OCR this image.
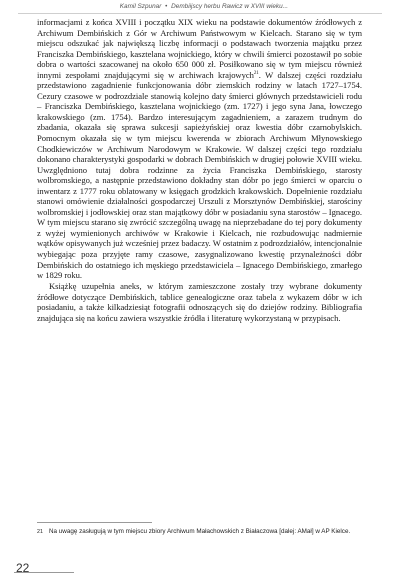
Kamil Szpunar • Dembiijscy herbu Rawicz w XVIII wieku...

informacjami z końca XVIII i początku XIX wieku na podstawie dokumentów źródłowych z Archiwum Dembińskich z Gór w Archiwum Państwowym w Kielcach. Starano się w tym miejscu odszukać jak największą liczbę informacji o podstawach tworzenia majątku przez Franciszka Dembińskiego, kasztelana wojnickiego, który w chwili śmierci pozostawił po sobie dobra o wartości szacowanej na około 650 000 zł. Posiłkowano się w tym miejscu również innymi zespołami znajdującymi się w archiwach krajowych$^{21}$. W dalszej części rozdziału przedstawiono zagadnienie funkcjonowania dóbr ziemskich rodziny w latach 1727–1754. Cezury czasowe w podrozdziale stanowią kolejno daty śmierci głównych przedstawicieli rodu – Franciszka Dembińskiego, kasztelana wojnickiego (zm. 1727) i jego syna Jana, łowczego krakowskiego (zm. 1754). Bardzo interesującym zagadnieniem, a zarazem trudnym do zbadania, okazała się sprawa sukcesji sapieżyńskiej oraz kwestia dóbr czarnobylskich. Pomocnym okazała się w tym miejscu kwerenda w zbiorach Archiwum Młynowskiego Chodkiewiczów w Archiwum Narodowym w Krakowie. W dalszej części tego rozdziału dokonano charakterystyki gospodarki w dobrach Dembińskich w drugiej połowie XVIII wieku. Uwzględniono tutaj dobra rodzinne za życia Franciszka Dembińskiego, starosty wolbromskiego, a następnie przedstawiono dokładny stan dóbr po jego śmierci w oparciu o inwentarz z 1777 roku oblatowany w księgach grodzkich krakowskich. Dopełnienie rozdziału stanowi omówienie działalności gospodarczej Urszuli z Morsztynów Dembińskiej, starościny wolbromskiej i jodłowskiej oraz stan majątkowy dóbr w posiadaniu syna starostów – Ignacego. W tym miejscu starano się zwrócić szczególną uwagę na nieprzebadane do tej pory dokumenty z wyżej wymienionych archiwów w Krakowie i Kielcach, nie rozbudowując nadmiernie wątków opisywanych już wcześniej przez badaczy. W ostatnim z podrozdziałów, intencjonalnie wybiegając poza przyjęte ramy czasowe, zasygnalizowano kwestię przynależności dóbr Dembińskich do ostatniego ich męskiego przedstawiciela – Ignacego Dembińskiego, zmarłego w 1829 roku.

Książkę uzupełnia aneks, w którym zamieszczone zostały trzy wybrane dokumenty źródłowe dotyczące Dembińskich, tablice genealogiczne oraz tabela z wykazem dóbr w ich posiadaniu, a także kilkadziesiąt fotografii odnoszących się do dziejów rodziny. Bibliografia znajdująca się na końcu zawiera wszystkie źródła i literaturę wykorzystaną w przypisach.

21 Na uwagę zasługują w tym miejscu zbiory Archiwum Małachowskich z Białaczowa [dalej: AMał] w AP Kielce.
22
